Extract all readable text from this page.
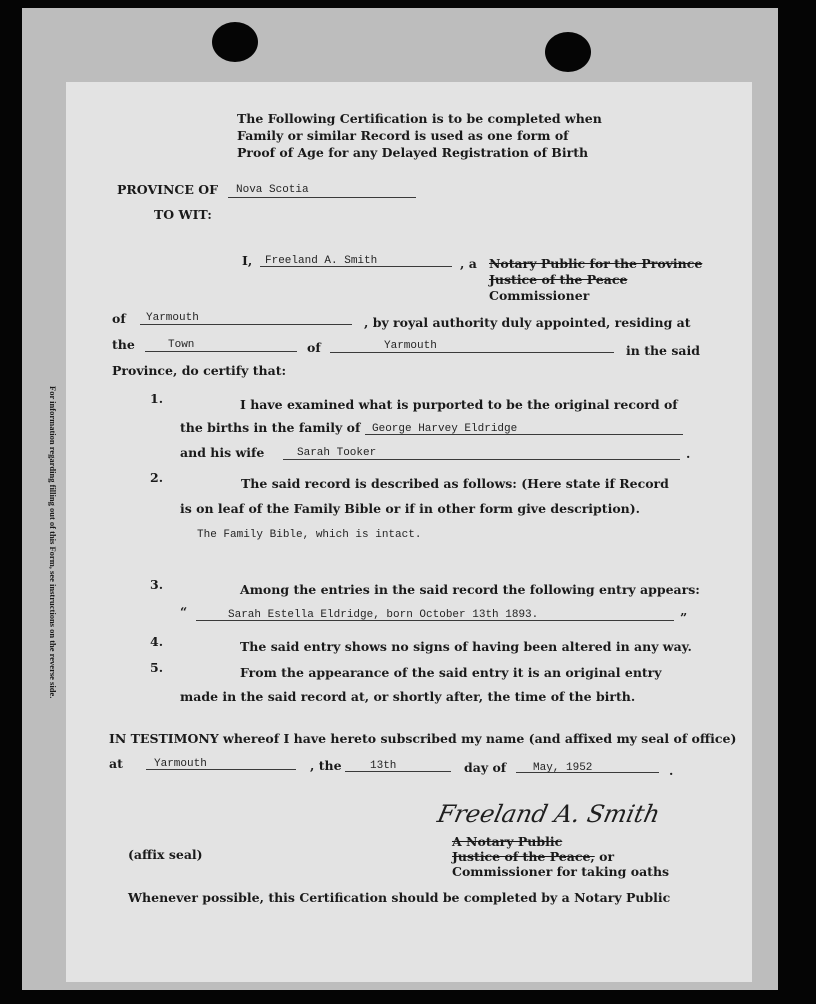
For information regarding filling out of this Form, see instructions on the reverse side.
The Following Certification is to be completed when
Family or similar Record is used as one form of
Proof of Age for any Delayed Registration of Birth
PROVINCE OF Nova Scotia
TO WIT:
I, Freeland A. Smith	, a Notary Public for the Province
Justice of the Peace
Commissioner
of Yarmouth	, by royal authority duly appointed, residing at
the	Town	of	Yarmouth	in the said
Province, do certify that:
1.	I have examined what is purported to be the original record of
the births in the family of George Harvey Eldridge
and his wife	Sarah Tooker	.
2.	The said record is described as follows: (Here state if Record
is on leaf of the Family Bible or if in other form give description).
The Family Bible, which is intact.
3.	Among the entries in the said record the following entry appears:
“	Sarah Estella Eldridge, born October 13th 1893.	”
4.	The said entry shows no signs of having been altered in any way.
5.	From the appearance of the said entry it is an original entry
made in the said record at, or shortly after, the time of the birth.
IN TESTIMONY whereof I have hereto subscribed my name (and affixed my seal of office)
at	Yarmouth	, the	13th	day of May, 1952	.
Freeland A. Smith
A Notary Public
Justice of the Peace, or
Commissioner for taking oaths
(affix seal)
Whenever possible, this Certification should be completed by a Notary Public
